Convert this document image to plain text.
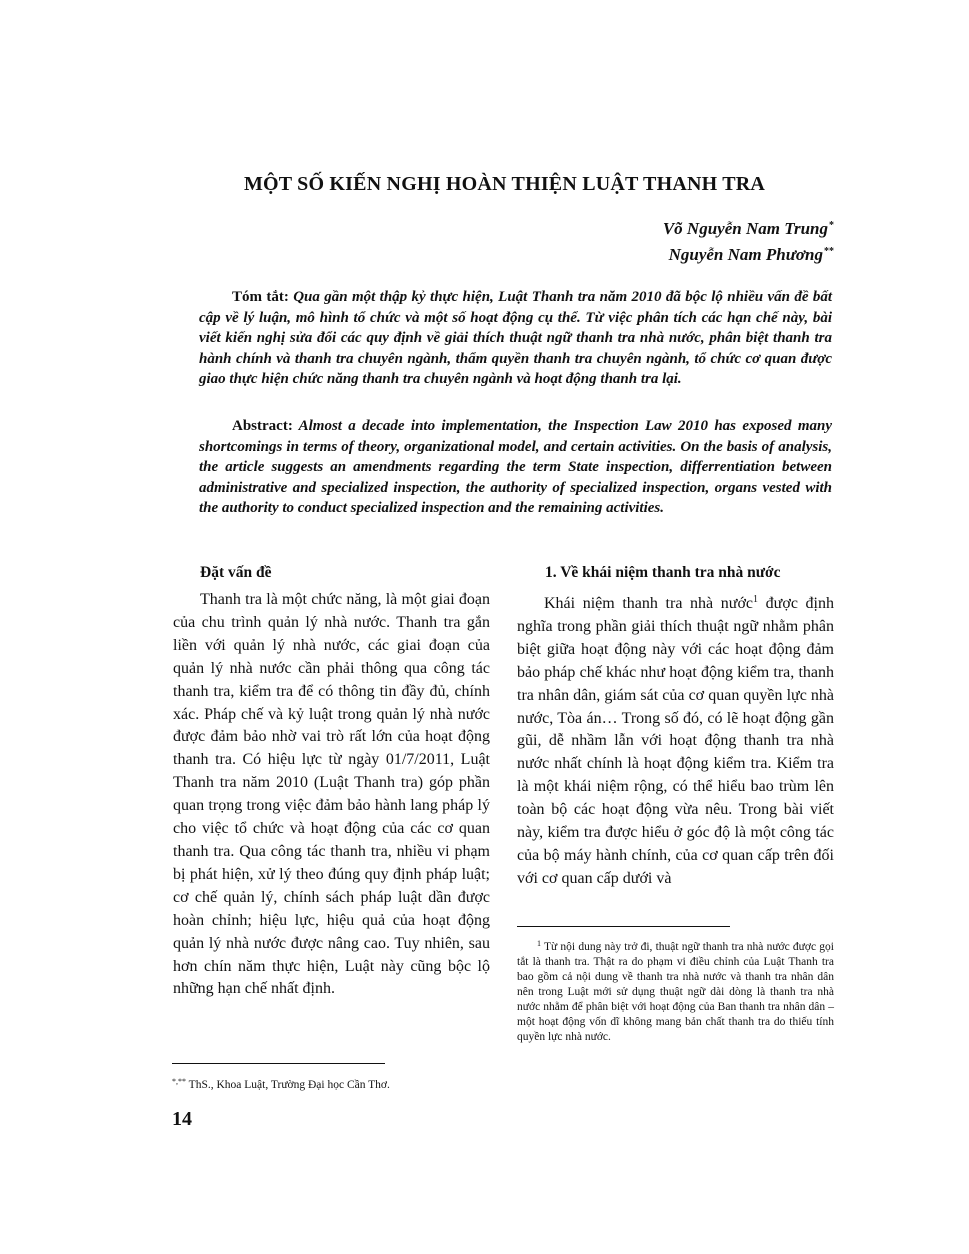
MỘT SỐ KIẾN NGHỊ HOÀN THIỆN LUẬT THANH TRA
Võ Nguyễn Nam Trung*
Nguyễn Nam Phương**

Tóm tắt: Qua gần một thập kỷ thực hiện, Luật Thanh tra năm 2010 đã bộc lộ nhiều vấn đề bất cập về lý luận, mô hình tổ chức và một số hoạt động cụ thể. Từ việc phân tích các hạn chế này, bài viết kiến nghị sửa đổi các quy định về giải thích thuật ngữ thanh tra nhà nước, phân biệt thanh tra hành chính và thanh tra chuyên ngành, thẩm quyền thanh tra chuyên ngành, tổ chức cơ quan được giao thực hiện chức năng thanh tra chuyên ngành và hoạt động thanh tra lại.

Abstract: Almost a decade into implementation, the Inspection Law 2010 has exposed many shortcomings in terms of theory, organizational model, and certain activities. On the basis of analysis, the article suggests an amendments regarding the term State inspection, differrentiation between administrative and specialized inspection, the authority of specialized inspection, organs vested with the authority to conduct specialized inspection and the remaining activities.

Đặt vấn đề	1. Về khái niệm thanh tra nhà nước

Thanh tra là một chức năng, là một giai đoạn của chu trình quản lý nhà nước. Thanh tra gắn liền với quản lý nhà nước, các giai đoạn của quản lý nhà nước cần phải thông qua công tác thanh tra, kiểm tra để có thông tin đầy đủ, chính xác. Pháp chế và kỷ luật trong quản lý nhà nước được đảm bảo nhờ vai trò rất lớn của hoạt động thanh tra. Có hiệu lực từ ngày 01/7/2011, Luật Thanh tra năm 2010 (Luật Thanh tra) góp phần quan trọng trong việc đảm bảo hành lang pháp lý cho việc tổ chức và hoạt động của các cơ quan thanh tra. Qua công tác thanh tra, nhiều vi phạm bị phát hiện, xử lý theo đúng quy định pháp luật; cơ chế quản lý, chính sách pháp luật dần được hoàn chỉnh; hiệu lực, hiệu quả của hoạt động quản lý nhà nước được nâng cao. Tuy nhiên, sau hơn chín năm thực hiện, Luật này cũng bộc lộ những hạn chế nhất định.

Khái niệm thanh tra nhà nước$^1$ được định nghĩa trong phần giải thích thuật ngữ nhằm phân biệt giữa hoạt động này với các hoạt động đảm bảo pháp chế khác như hoạt động kiểm tra, thanh tra nhân dân, giám sát của cơ quan quyền lực nhà nước, Tòa án… Trong số đó, có lẽ hoạt động gần gũi, dễ nhầm lẫn với hoạt động thanh tra nhà nước nhất chính là hoạt động kiểm tra. Kiểm tra là một khái niệm rộng, có thể hiểu bao trùm lên toàn bộ các hoạt động vừa nêu. Trong bài viết này, kiểm tra được hiểu ở góc độ là một công tác của bộ máy hành chính, của cơ quan cấp trên đối với cơ quan cấp dưới và

$^1$ Từ nội dung này trở đi, thuật ngữ thanh tra nhà nước được gọi tắt là thanh tra. Thật ra do phạm vi điều chỉnh của Luật Thanh tra bao gồm cả nội dung về thanh tra nhà nước và thanh tra nhân dân nên trong Luật mới sử dụng thuật ngữ dài dòng là thanh tra nhà nước nhằm để phân biệt với hoạt động của Ban thanh tra nhân dân – một hoạt động vốn dĩ không mang bản chất thanh tra do thiếu tính quyền lực nhà nước.

*,** ThS., Khoa Luật, Trường Đại học Cần Thơ.

14
